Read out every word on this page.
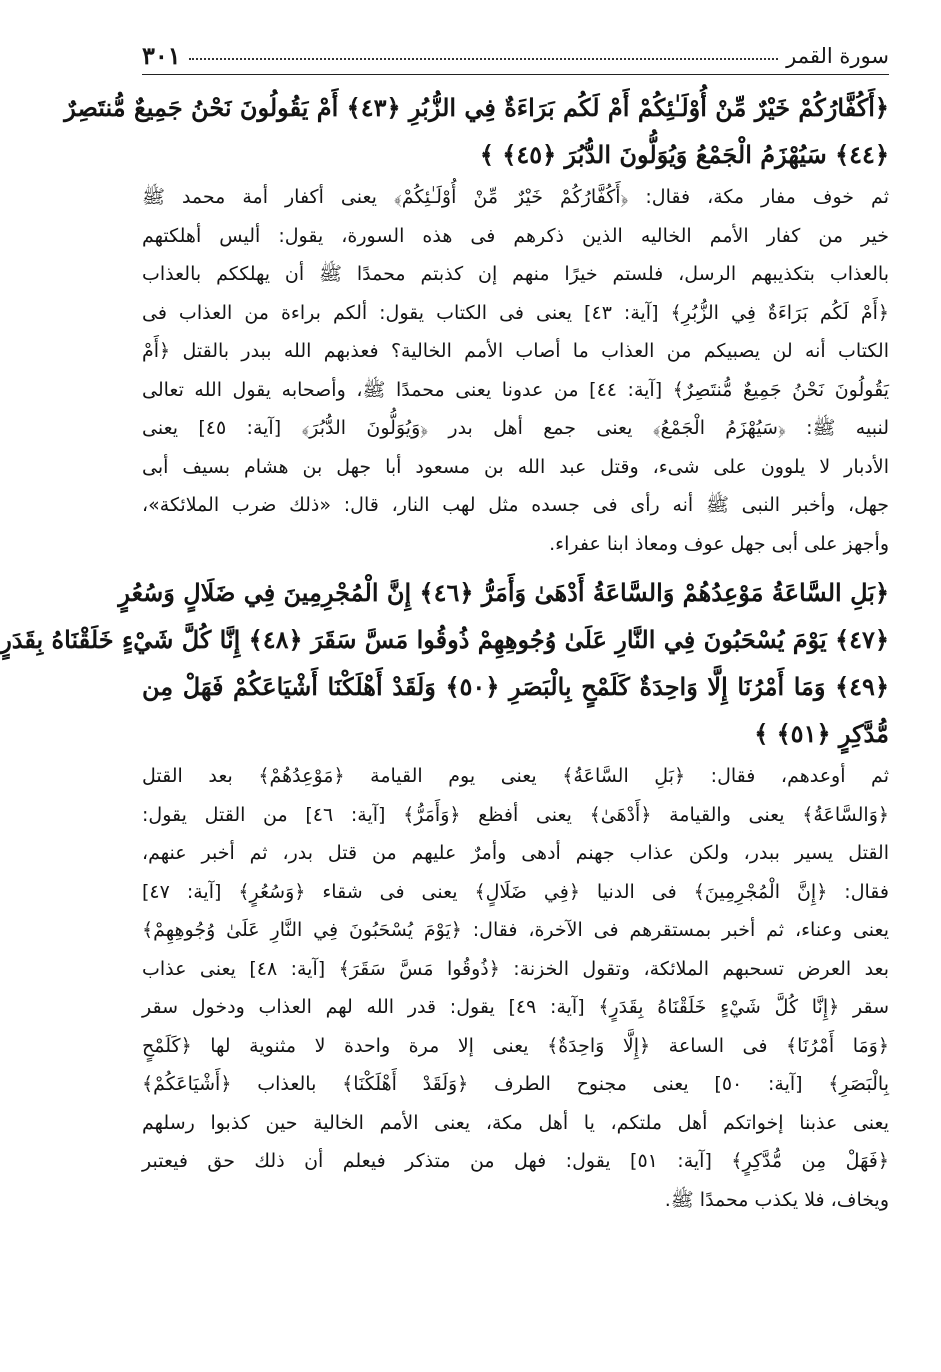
سورة القمر
٣٠١
﴿أَكُفَّارُكُمْ خَيْرٌ مِّنْ أُوْلَـٰئِكُمْ أَمْ لَكُم بَرَاءَةٌ فِي الزُّبُرِ ﴿٤٣﴾ أَمْ يَقُولُونَ نَحْنُ جَمِيعٌ مُّنتَصِرٌ
﴿٤٤﴾ سَيُهْزَمُ الْجَمْعُ وَيُوَلُّونَ الدُّبُرَ ﴿٤٥﴾ ﴾
ثم خوف مفار مكة، فقال: ﴿أَكُفَّارُكُمْ خَيْرٌ مِّنْ أُوْلَـٰئِكُمْ﴾ يعنى أكفار أمة محمد ﷺ
خير من كفار الأمم الخاليه الذين ذكرهم فى هذه السورة، يقول: أليس أهلكتهم
بالعذاب بتكذيبهم الرسل، فلستم خيرًا منهم إن كذبتم محمدًا ﷺ أن يهلككم بالعذاب
﴿أَمْ لَكُم بَرَاءَةٌ فِي الزُّبُرِ﴾ [آية: ٤٣] يعنى فى الكتاب يقول: ألكم براءة من العذاب فى
الكتاب أنه لن يصبيكم من العذاب ما أصاب الأمم الخالية؟ فعذبهم الله ببدر بالقتل ﴿أَمْ
يَقُولُونَ نَحْنُ جَمِيعٌ مُّنتَصِرٌ﴾ [آية: ٤٤] من عدونا يعنى محمدًا ﷺ، وأصحابه يقول الله تعالى
لنبيه ﷺ: ﴿سَيُهْزَمُ الْجَمْعُ﴾ يعنى جمع أهل بدر ﴿وَيُوَلُّونَ الدُّبُرَ﴾ [آية: ٤٥] يعنى
الأدبار لا يلوون على شىء، وقتل عبد الله بن مسعود أبا جهل بن هشام بسيف أبى
جهل، وأخبر النبى ﷺ أنه رأى فى جسده مثل لهب النار، قال: «ذلك ضرب الملائكة»،
وأجهز على أبى جهل عوف ومعاذ ابنا عفراء.
﴿بَلِ السَّاعَةُ مَوْعِدُهُمْ وَالسَّاعَةُ أَدْهَىٰ وَأَمَرُّ ﴿٤٦﴾ إِنَّ الْمُجْرِمِينَ فِي ضَلَالٍ وَسُعُرٍ
﴿٤٧﴾ يَوْمَ يُسْحَبُونَ فِي النَّارِ عَلَىٰ وُجُوهِهِمْ ذُوقُوا مَسَّ سَقَرَ ﴿٤٨﴾ إِنَّا كُلَّ شَيْءٍ خَلَقْنَاهُ بِقَدَرٍ
﴿٤٩﴾ وَمَا أَمْرُنَا إِلَّا وَاحِدَةٌ كَلَمْحٍ بِالْبَصَرِ ﴿٥٠﴾ وَلَقَدْ أَهْلَكْنَا أَشْيَاعَكُمْ فَهَلْ مِن
مُّدَّكِرٍ ﴿٥١﴾ ﴾
ثم أوعدهم، فقال: ﴿بَلِ السَّاعَةُ﴾ يعنى يوم القيامة ﴿مَوْعِدُهُمْ﴾ بعد القتل
﴿وَالسَّاعَةُ﴾ يعنى والقيامة ﴿أَدْهَىٰ﴾ يعنى أفظع ﴿وَأَمَرُّ﴾ [آية: ٤٦] من القتل يقول:
القتل يسير ببدر، ولكن عذاب جهنم أدهى وأمرٌ عليهم من قتل بدر، ثم أخبر عنهم،
فقال: ﴿إِنَّ الْمُجْرِمِينَ﴾ فى الدنيا ﴿فِي ضَلَالٍ﴾ يعنى فى شقاء ﴿وَسُعُرٍ﴾ [آية: ٤٧]
يعنى وعناء، ثم أخبر بمستقرهم فى الآخرة، فقال: ﴿يَوْمَ يُسْحَبُونَ فِي النَّارِ عَلَىٰ وُجُوهِهِمْ﴾
بعد العرض تسحبهم الملائكة، وتقول الخزنة: ﴿ذُوقُوا مَسَّ سَقَرَ﴾ [آية: ٤٨] يعنى عذاب
سقر ﴿إِنَّا كُلَّ شَيْءٍ خَلَقْنَاهُ بِقَدَرٍ﴾ [آية: ٤٩] يقول: قدر الله لهم العذاب ودخول سقر
﴿وَمَا أَمْرُنَا﴾ فى الساعة ﴿إِلَّا وَاحِدَةٌ﴾ يعنى إلا مرة واحدة لا مثنوية لها ﴿كَلَمْحٍ
بِالْبَصَرِ﴾ [آية: ٥٠] يعنى مجنوح الطرف ﴿وَلَقَدْ أَهْلَكْنَا﴾ بالعذاب ﴿أَشْيَاعَكُمْ﴾
يعنى عذبنا إخواتكم أهل ملتكم، يا أهل مكة، يعنى الأمم الخالية حين كذبوا رسلهم
﴿فَهَلْ مِن مُّدَّكِرٍ﴾ [آية: ٥١] يقول: فهل من متذكر فيعلم أن ذلك حق فيعتبر
ويخاف، فلا يكذب محمدًا ﷺ.
